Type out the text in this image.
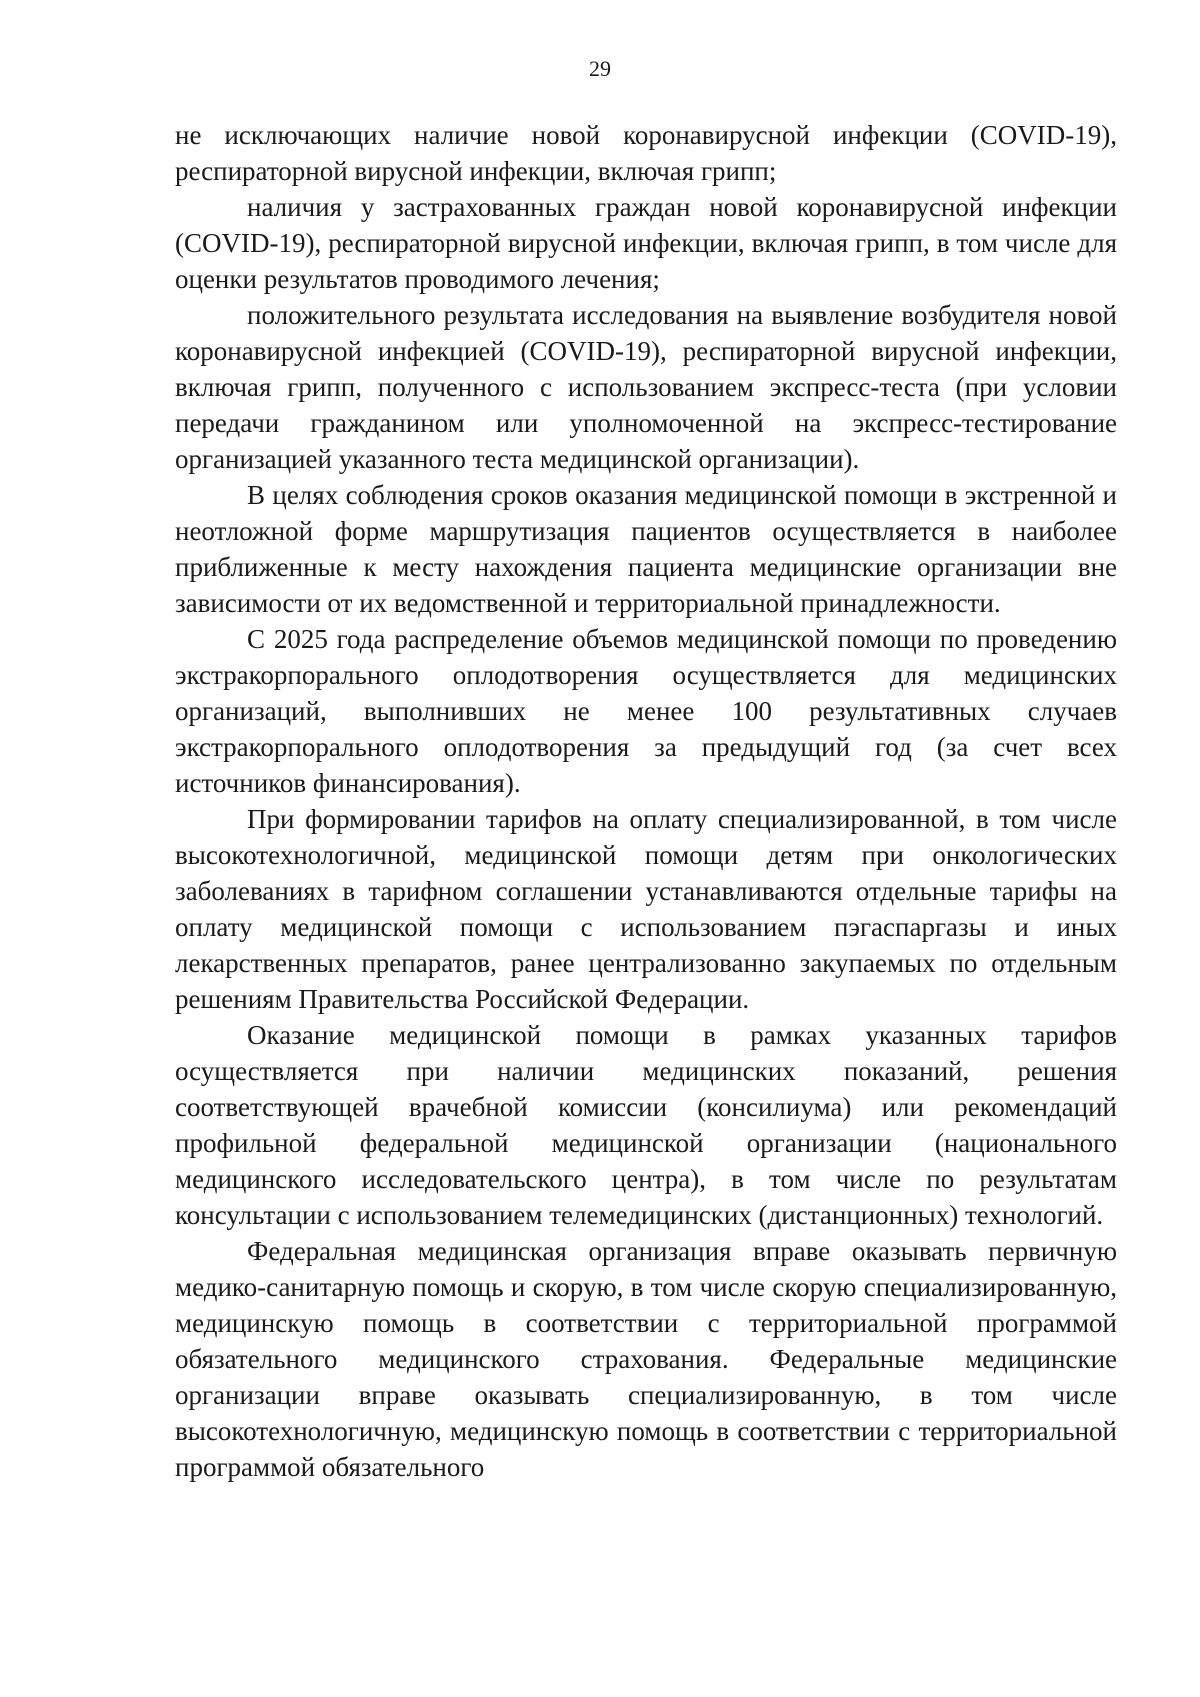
29

не исключающих наличие новой коронавирусной инфекции (COVID-19), респираторной вирусной инфекции, включая грипп;

наличия у застрахованных граждан новой коронавирусной инфекции (COVID-19), респираторной вирусной инфекции, включая грипп, в том числе для оценки результатов проводимого лечения;

положительного результата исследования на выявление возбудителя новой коронавирусной инфекцией (COVID-19), респираторной вирусной инфекции, включая грипп, полученного с использованием экспресс-теста (при условии передачи гражданином или уполномоченной на экспресс-тестирование организацией указанного теста медицинской организации).

В целях соблюдения сроков оказания медицинской помощи в экстренной и неотложной форме маршрутизация пациентов осуществляется в наиболее приближенные к месту нахождения пациента медицинские организации вне зависимости от их ведомственной и территориальной принадлежности.

С 2025 года распределение объемов медицинской помощи по проведению экстракорпорального оплодотворения осуществляется для медицинских организаций, выполнивших не менее 100 результативных случаев экстракорпорального оплодотворения за предыдущий год (за счет всех источников финансирования).

При формировании тарифов на оплату специализированной, в том числе высокотехнологичной, медицинской помощи детям при онкологических заболеваниях в тарифном соглашении устанавливаются отдельные тарифы на оплату медицинской помощи с использованием пэгаспаргазы и иных лекарственных препаратов, ранее централизованно закупаемых по отдельным решениям Правительства Российской Федерации.

Оказание медицинской помощи в рамках указанных тарифов осуществляется при наличии медицинских показаний, решения соответствующей врачебной комиссии (консилиума) или рекомендаций профильной федеральной медицинской организации (национального медицинского исследовательского центра), в том числе по результатам консультации с использованием телемедицинских (дистанционных) технологий.

Федеральная медицинская организация вправе оказывать первичную медико-санитарную помощь и скорую, в том числе скорую специализированную, медицинскую помощь в соответствии с территориальной программой обязательного медицинского страхования. Федеральные медицинские организации вправе оказывать специализированную, в том числе высокотехнологичную, медицинскую помощь в соответствии с территориальной программой обязательного
